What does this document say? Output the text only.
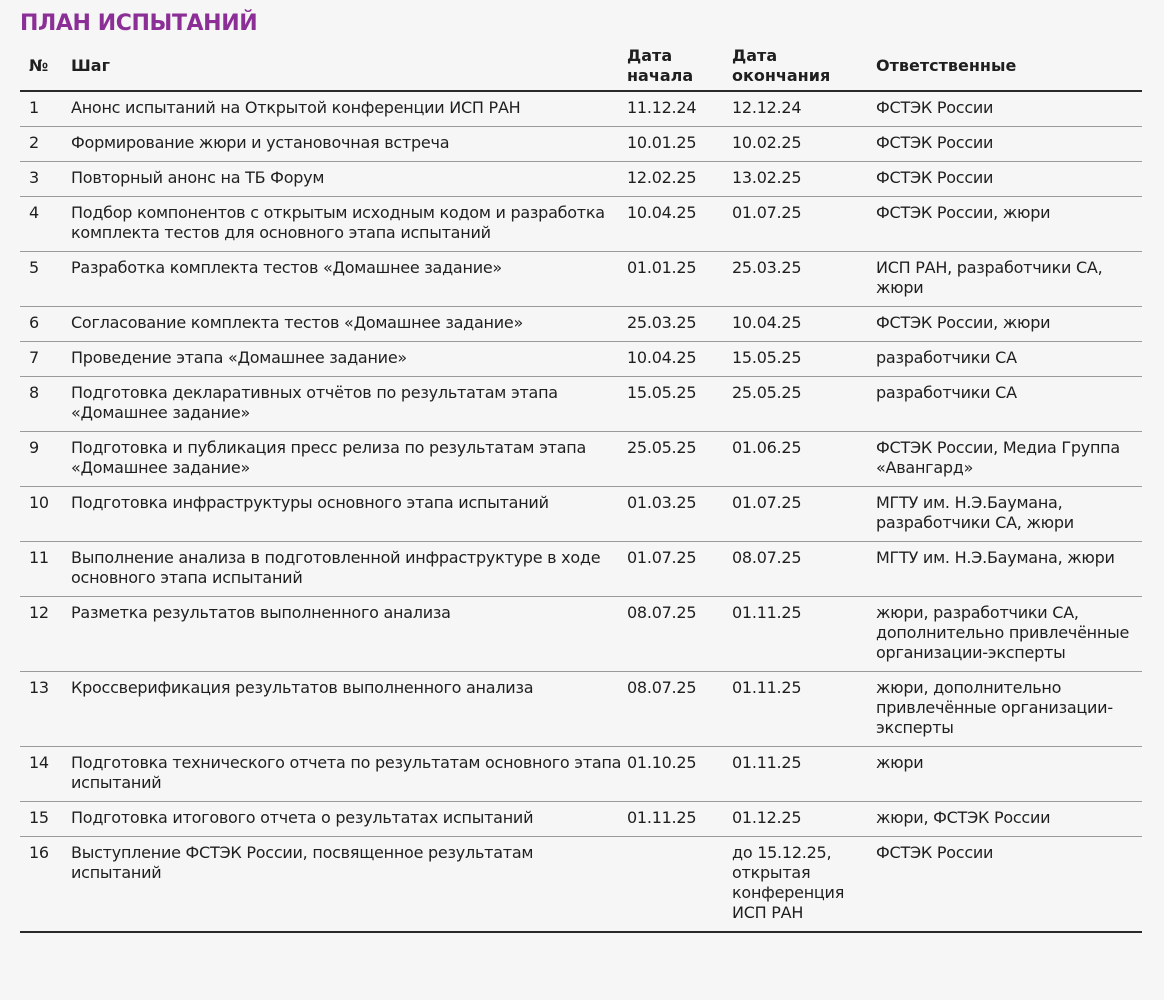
ПЛАН ИСПЫТАНИЙ
№	Шаг	Дата начала	Дата окончания	Ответственные
1	Анонс испытаний на Открытой конференции ИСП РАН	11.12.24	12.12.24	ФСТЭК России
2	Формирование жюри и установочная встреча	10.01.25	10.02.25	ФСТЭК России
3	Повторный анонс на ТБ Форум	12.02.25	13.02.25	ФСТЭК России
4	Подбор компонентов с открытым исходным кодом и разработка комплекта тестов для основного этапа испытаний	10.04.25	01.07.25	ФСТЭК России, жюри
5	Разработка комплекта тестов «Домашнее задание»	01.01.25	25.03.25	ИСП РАН, разработчики СА, жюри
6	Согласование комплекта тестов «Домашнее задание»	25.03.25	10.04.25	ФСТЭК России, жюри
7	Проведение этапа «Домашнее задание»	10.04.25	15.05.25	разработчики СА
8	Подготовка декларативных отчётов по результатам этапа «Домашнее задание»	15.05.25	25.05.25	разработчики СА
9	Подготовка и публикация пресс релиза по результатам этапа «Домашнее задание»	25.05.25	01.06.25	ФСТЭК России, Медиа Группа «Авангард»
10	Подготовка инфраструктуры основного этапа испытаний	01.03.25	01.07.25	МГТУ им. Н.Э.Баумана, разработчики СА, жюри
11	Выполнение анализа в подготовленной инфраструктуре в ходе основного этапа испытаний	01.07.25	08.07.25	МГТУ им. Н.Э.Баумана, жюри
12	Разметка результатов выполненного анализа	08.07.25	01.11.25	жюри, разработчики СА, дополнительно привлечённые организации-эксперты
13	Кроссверификация результатов выполненного анализа	08.07.25	01.11.25	жюри, дополнительно привлечённые организации-эксперты
14	Подготовка технического отчета по результатам основного этапа испытаний	01.10.25	01.11.25	жюри
15	Подготовка итогового отчета о результатах испытаний	01.11.25	01.12.25	жюри, ФСТЭК России
16	Выступление ФСТЭК России, посвященное результатам испытаний		до 15.12.25, открытая конференция ИСП РАН	ФСТЭК России
